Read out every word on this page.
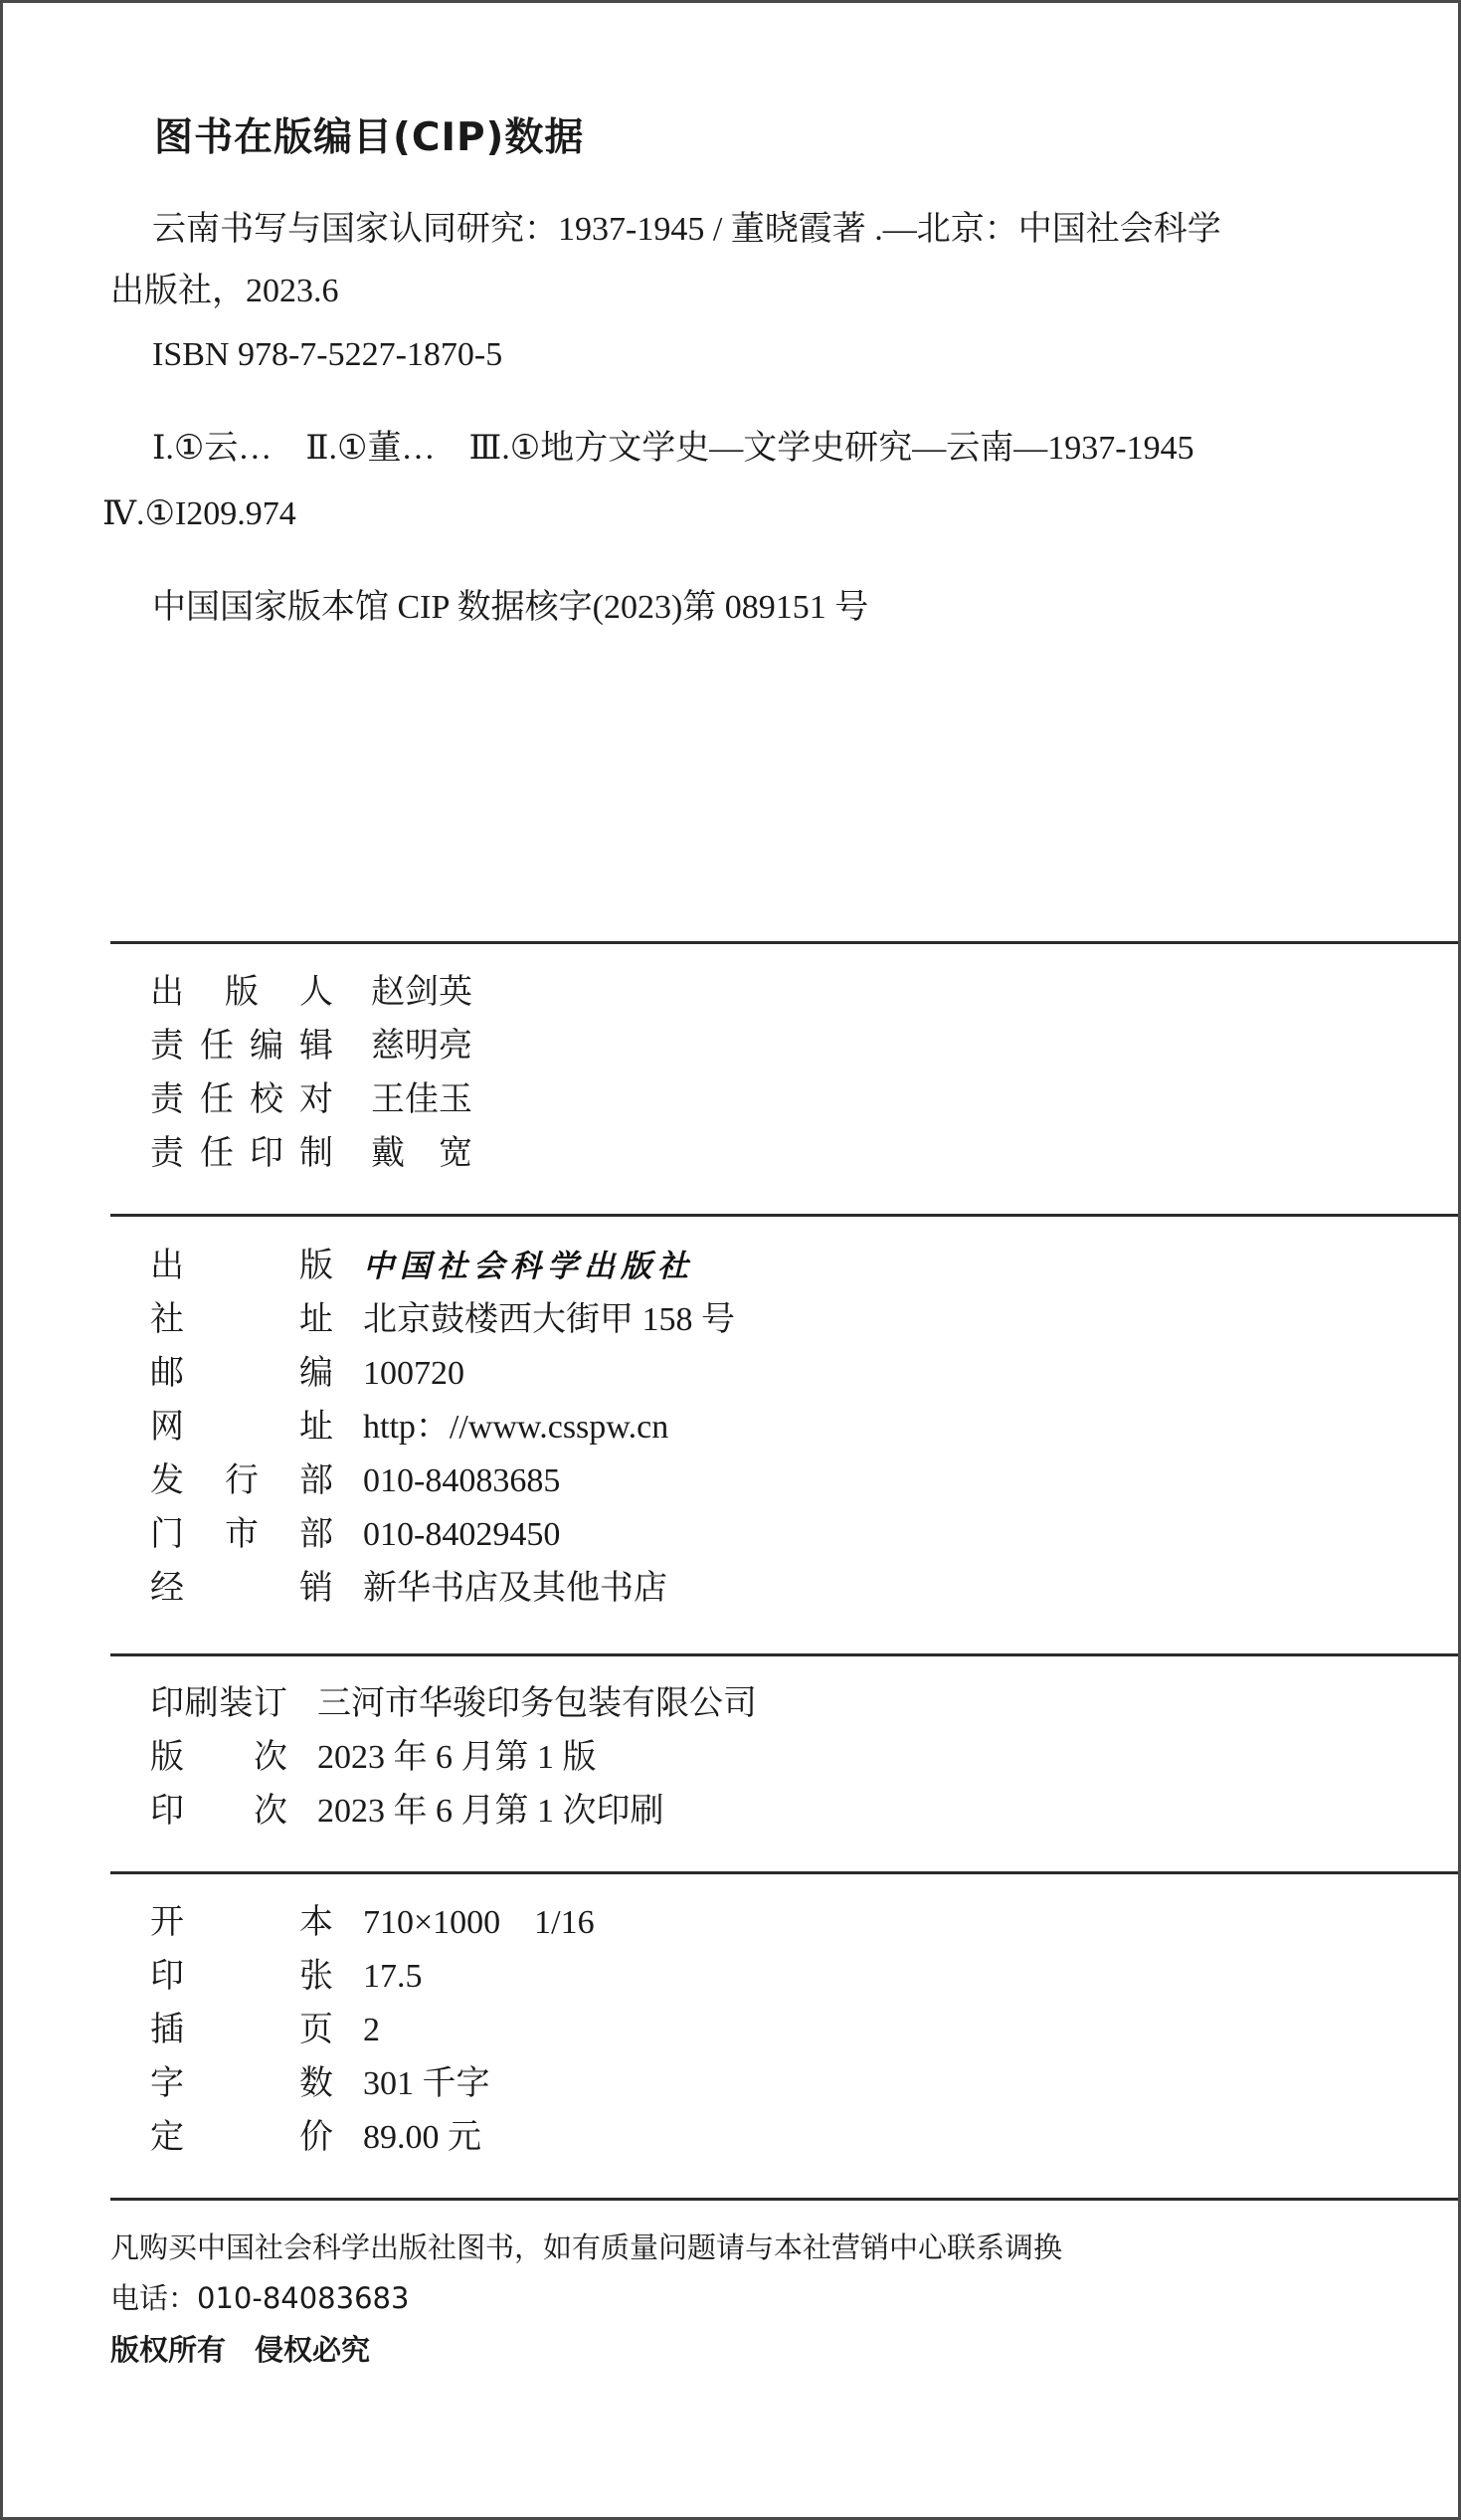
图书在版编目(CIP)数据
云南书写与国家认同研究：1937-1945 / 董晓霞著 .—北京：中国社会科学
出版社，2023.6
ISBN 978-7-5227-1870-5
Ⅰ.①云…　Ⅱ.①董…　Ⅲ.①地方文学史—文学史研究—云南—1937-1945
Ⅳ.①I209.974
中国国家版本馆 CIP 数据核字(2023)第 089151 号
出版人 赵剑英
责任编辑 慈明亮
责任校对 王佳玉
责任印制 戴　宽
出版 中国社会科学出版社
社址 北京鼓楼西大街甲 158 号
邮编 100720
网址 http：//www.csspw.cn
发行部 010-84083685
门市部 010-84029450
经销 新华书店及其他书店
印刷装订 三河市华骏印务包装有限公司
版次 2023 年 6 月第 1 版
印次 2023 年 6 月第 1 次印刷
开本 710×1000　1/16
印张 17.5
插页 2
字数 301 千字
定价 89.00 元
凡购买中国社会科学出版社图书，如有质量问题请与本社营销中心联系调换
电话：010-84083683
版权所有　侵权必究
